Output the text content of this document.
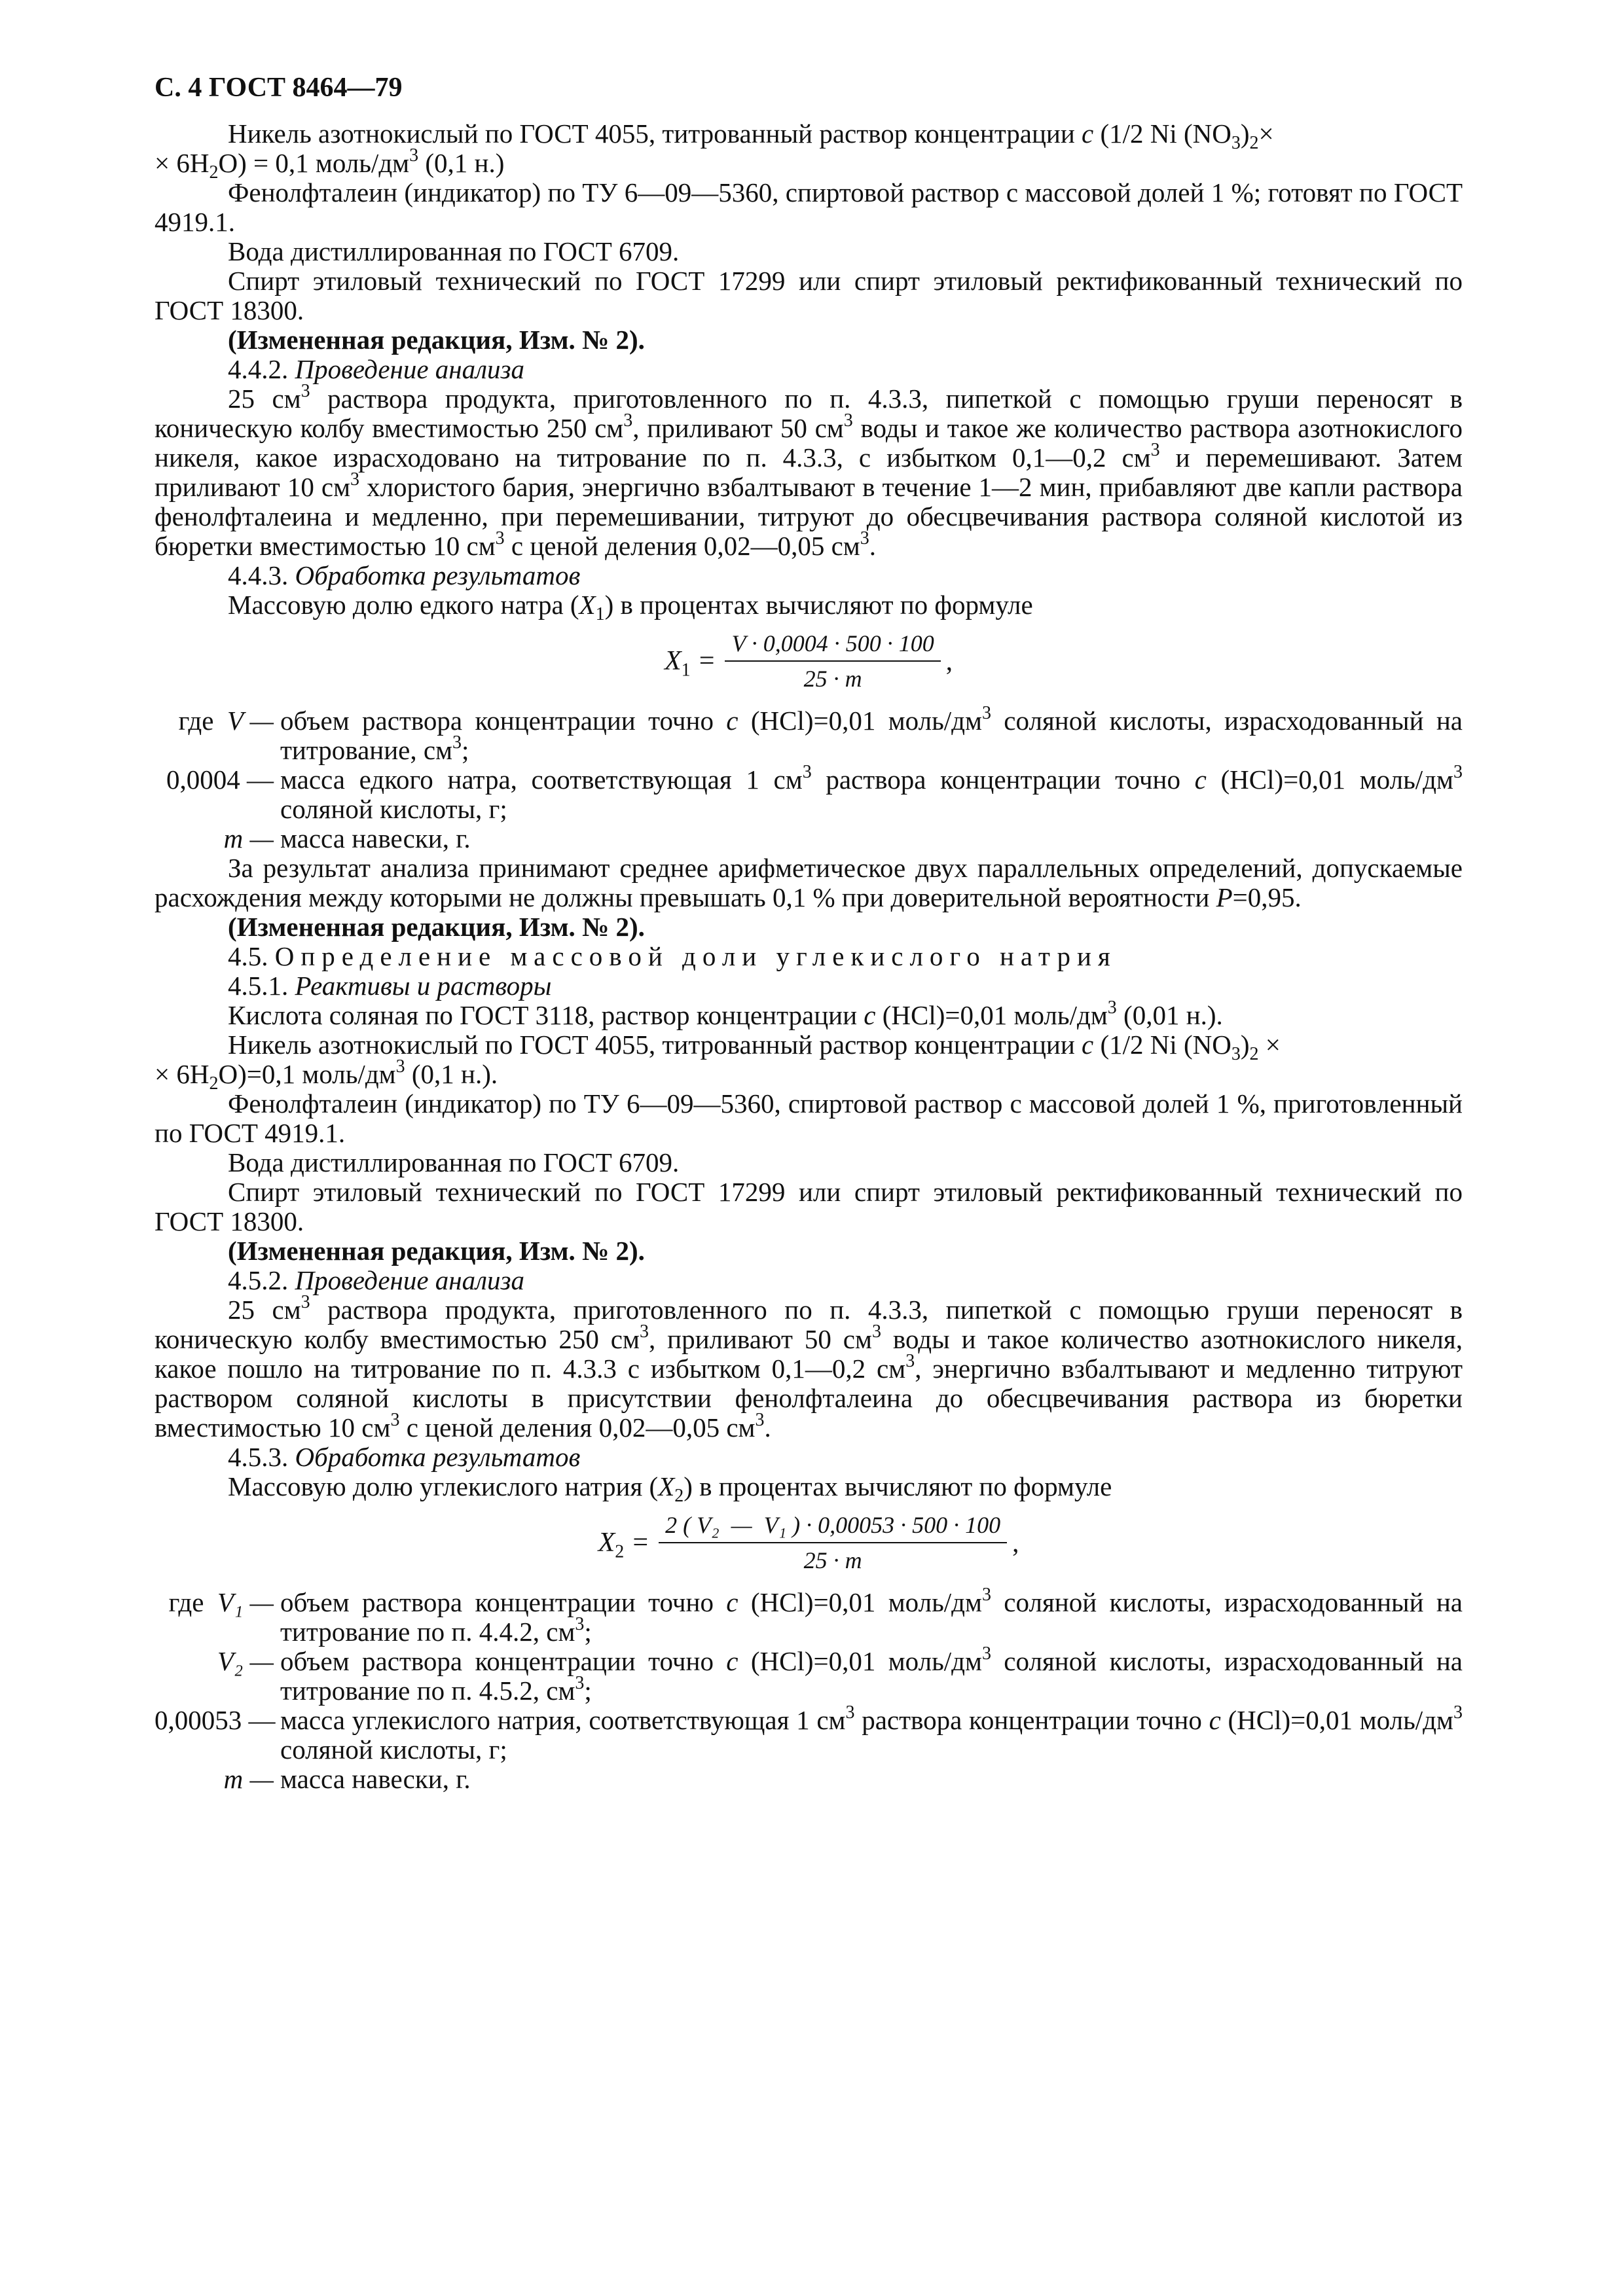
С. 4 ГОСТ 8464—79
Никель азотнокислый по ГОСТ 4055, титрованный раствор концентрации c (1/2 Ni $(NO_3)_2\times$
× $6H_2O) = 0,1$ моль/$дм^3$ (0,1 н.)
Фенолфталеин (индикатор) по ТУ 6—09—5360, спиртовой раствор с массовой долей 1 %; готовят по ГОСТ 4919.1.
Вода дистиллированная по ГОСТ 6709.
Спирт этиловый технический по ГОСТ 17299 или спирт этиловый ректификованный технический по ГОСТ 18300.
(Измененная редакция, Изм. № 2).
4.4.2. Проведение анализа
25 $см^3$ раствора продукта, приготовленного по п. 4.3.3, пипеткой с помощью груши переносят в коническую колбу вместимостью 250 $см^3$, приливают 50 $см^3$ воды и такое же количество раствора азотнокислого никеля, какое израсходовано на титрование по п. 4.3.3, с избытком 0,1—0,2 $см^3$ и перемешивают. Затем приливают 10 $см^3$ хлористого бария, энергично взбалтывают в течение 1—2 мин, прибавляют две капли раствора фенолфталеина и медленно, при перемешивании, титруют до обесцвечивания раствора соляной кислотой из бюретки вместимостью 10 $см^3$ с ценой деления 0,02—0,05 $см^3$.
4.4.3. Обработка результатов
Массовую долю едкого натра $(X_1)$ в процентах вычисляют по формуле
$X_1 = \frac{V \cdot 0,0004 \cdot 500 \cdot 100}{25 \cdot m}$ ,
где V — объем раствора концентрации точно c (HCl)=0,01 моль/$дм^3$ соляной кислоты, израсходованный на титрование, $см^3$;
0,0004 — масса едкого натра, соответствующая 1 $см^3$ раствора концентрации точно c (HCl)=0,01 моль/$дм^3$ соляной кислоты, г;
m — масса навески, г.
За результат анализа принимают среднее арифметическое двух параллельных определений, допускаемые расхождения между которыми не должны превышать 0,1 % при доверительной вероятности P=0,95.
(Измененная редакция, Изм. № 2).
4.5. Определение массовой доли углекислого натрия
4.5.1. Реактивы и растворы
Кислота соляная по ГОСТ 3118, раствор концентрации c (HCl)=0,01 моль/$дм^3$ (0,01 н.).
Никель азотнокислый по ГОСТ 4055, титрованный раствор концентрации c (1/2 Ni $(NO_3)_2$ ×
× $6H_2O)=0,1$ моль/$дм^3$ (0,1 н.).
Фенолфталеин (индикатор) по ТУ 6—09—5360, спиртовой раствор с массовой долей 1 %, приготовленный по ГОСТ 4919.1.
Вода дистиллированная по ГОСТ 6709.
Спирт этиловый технический по ГОСТ 17299 или спирт этиловый ректификованный технический по ГОСТ 18300.
(Измененная редакция, Изм. № 2).
4.5.2. Проведение анализа
25 $см^3$ раствора продукта, приготовленного по п. 4.3.3, пипеткой с помощью груши переносят в коническую колбу вместимостью 250 $см^3$, приливают 50 $см^3$ воды и такое количество азотнокислого никеля, какое пошло на титрование по п. 4.3.3 с избытком 0,1—0,2 $см^3$, энергично взбалтывают и медленно титруют раствором соляной кислоты в присутствии фенолфталеина до обесцвечивания раствора из бюретки вместимостью 10 $см^3$ с ценой деления 0,02—0,05 $см^3$.
4.5.3. Обработка результатов
Массовую долю углекислого натрия $(X_2)$ в процентах вычисляют по формуле
$X_2 = \frac{\text{2 ( V₂  —  V₁ ) · 0,00053 · 500 · 100}}{25 \cdot m}$ ,
где V₁ — объем раствора концентрации точно c (HCl)=0,01 моль/$дм^3$ соляной кислоты, израсходованный на титрование по п. 4.4.2, $см^3$;
V₂ — объем раствора концентрации точно c (HCl)=0,01 моль/$дм^3$ соляной кислоты, израсходованный на титрование по п. 4.5.2, $см^3$;
0,00053 — масса углекислого натрия, соответствующая 1 $см^3$ раствора концентрации точно c (HCl)=0,01 моль/$дм^3$ соляной кислоты, г;
m — масса навески, г.
